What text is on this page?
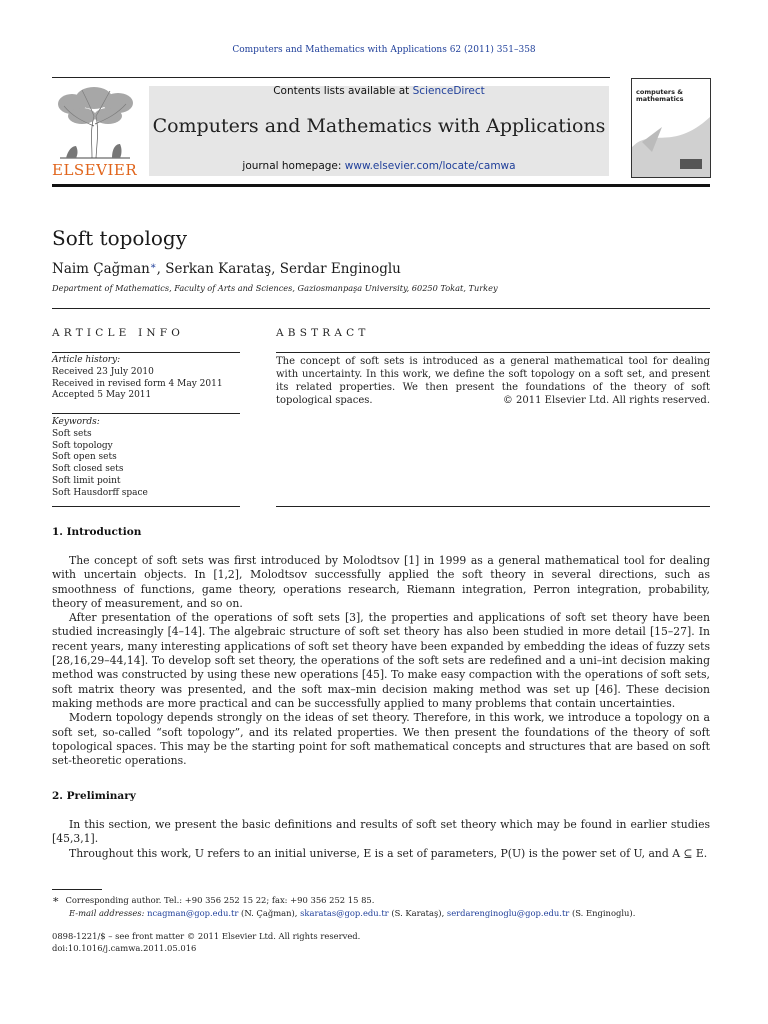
Computers and Mathematics with Applications 62 (2011) 351–358
ELSEVIER
Contents lists available at ScienceDirect
Computers and Mathematics with Applications
journal homepage: www.elsevier.com/locate/camwa
computers &
mathematics
Soft topology
Naim Çağman∗, Serkan Karataş, Serdar Enginoglu
Department of Mathematics, Faculty of Arts and Sciences, Gaziosmanpaşa University, 60250 Tokat, Turkey
ARTICLE INFO
Article history:
Received 23 July 2010
Received in revised form 4 May 2011
Accepted 5 May 2011
Keywords:
Soft sets
Soft topology
Soft open sets
Soft closed sets
Soft limit point
Soft Hausdorff space
ABSTRACT
The concept of soft sets is introduced as a general mathematical tool for dealing with uncertainty. In this work, we define the soft topology on a soft set, and present its related properties. We then present the foundations of the theory of soft topological spaces.	© 2011 Elsevier Ltd. All rights reserved.
1. Introduction

The concept of soft sets was first introduced by Molodtsov [1] in 1999 as a general mathematical tool for dealing with uncertain objects. In [1,2], Molodtsov successfully applied the soft theory in several directions, such as smoothness of functions, game theory, operations research, Riemann integration, Perron integration, probability, theory of measurement, and so on.

After presentation of the operations of soft sets [3], the properties and applications of soft set theory have been studied increasingly [4–14]. The algebraic structure of soft set theory has also been studied in more detail [15–27]. In recent years, many interesting applications of soft set theory have been expanded by embedding the ideas of fuzzy sets [28,16,29–44,14]. To develop soft set theory, the operations of the soft sets are redefined and a uni–int decision making method was constructed by using these new operations [45]. To make easy compaction with the operations of soft sets, soft matrix theory was presented, and the soft max–min decision making method was set up [46]. These decision making methods are more practical and can be successfully applied to many problems that contain uncertainties.

Modern topology depends strongly on the ideas of set theory. Therefore, in this work, we introduce a topology on a soft set, so-called “soft topology”, and its related properties. We then present the foundations of the theory of soft topological spaces. This may be the starting point for soft mathematical concepts and structures that are based on soft set-theoretic operations.

2. Preliminary

In this section, we present the basic definitions and results of soft set theory which may be found in earlier studies [45,3,1].

Throughout this work, U refers to an initial universe, E is a set of parameters, P(U) is the power set of U, and A ⊆ E.

∗ Corresponding author. Tel.: +90 356 252 15 22; fax: +90 356 252 15 85.
E-mail addresses: ncagman@gop.edu.tr (N. Çağman), skaratas@gop.edu.tr (S. Karataş), serdarenginoglu@gop.edu.tr (S. Enginoglu).
0898-1221/$ – see front matter © 2011 Elsevier Ltd. All rights reserved.
doi:10.1016/j.camwa.2011.05.016
